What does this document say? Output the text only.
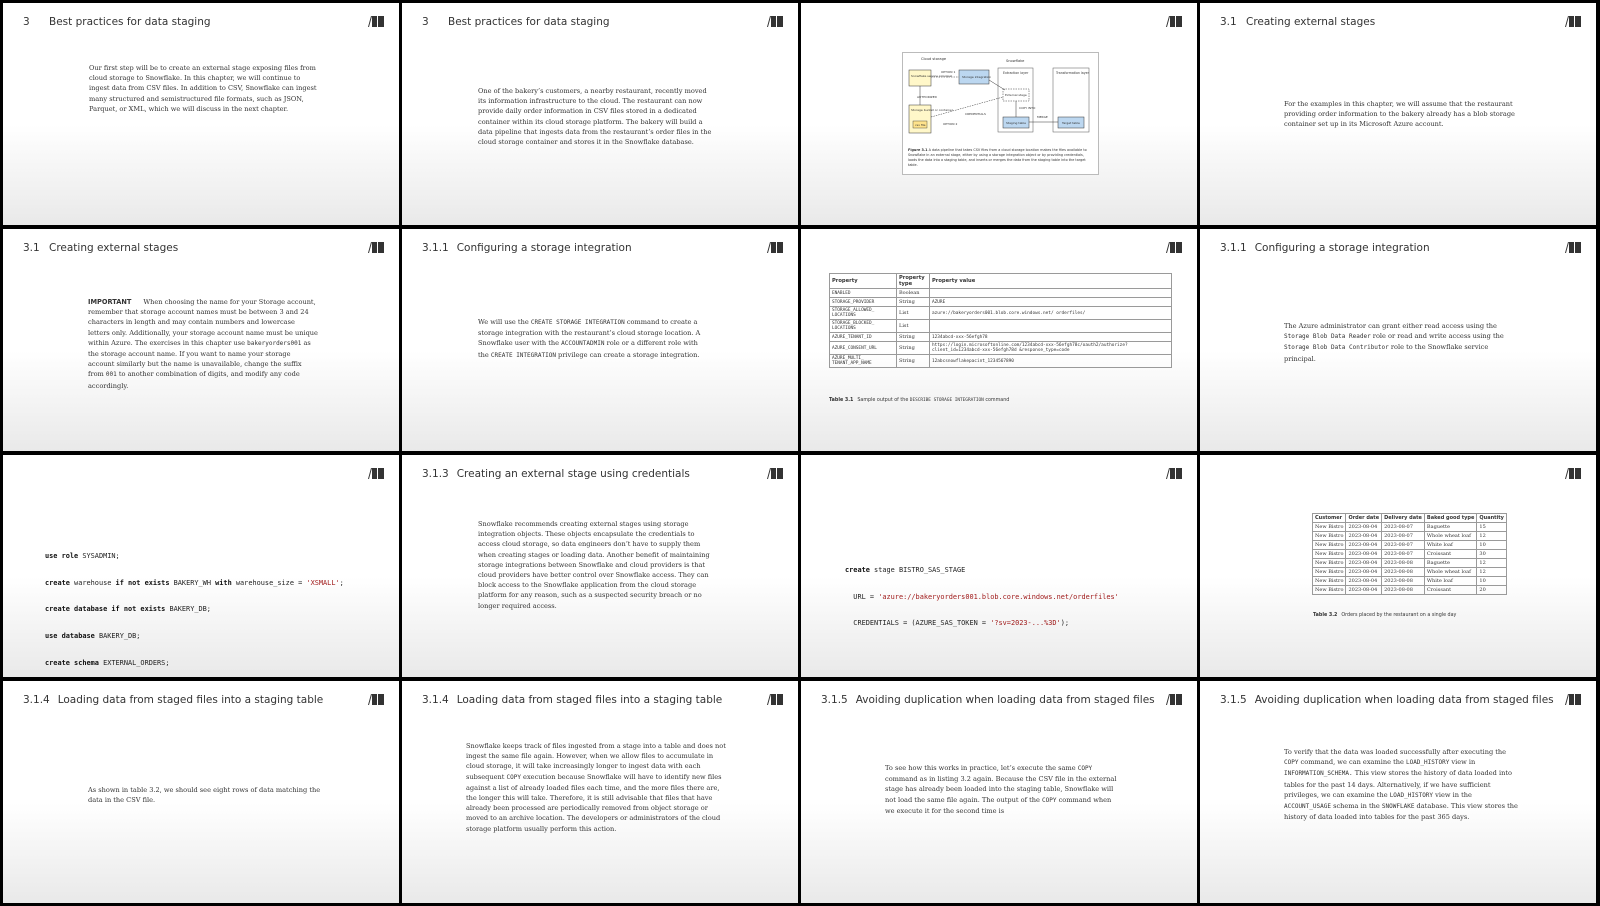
3 Best practices for data staging
Our first step will be to create an external stage exposing files from cloud storage to Snowflake. In this chapter, we will continue to ingest data from CSV files. In addition to CSV, Snowflake can ingest many structured and semistructured file formats, such as JSON, Parquet, or XML, which we will discuss in the next chapter.
3 Best practices for data staging
One of the bakery’s customers, a nearby restaurant, recently moved its information infrastructure to the cloud. The restaurant can now provide daily order information in CSV files stored in a dedicated container within its cloud storage platform. The bakery will build a data pipeline that ingests data from the restaurant’s order files in the cloud storage container and stores it in the Snowflake database.
Cloud storage	Snowflake
Extraction layer	Transformation layer
Snowflake service principal
OPTION 1
Storage integration
AUTHORIZED
Storage bucket or container
csv file
External stage
CREDENTIALS
OPTION 2
COPY INTO
Staging table
MERGE
Target table
Figure 3.1 A data pipeline that takes CSV files from a cloud storage location makes the files available to Snowflake in an external stage, either by using a storage integration object or by providing credentials, loads the data into a staging table, and inserts or merges the data from the staging table into the target table.
3.1 Creating external stages
For the examples in this chapter, we will assume that the restaurant providing order information to the bakery already has a blob storage container set up in its Microsoft Azure account.
3.1 Creating external stages
IMPORTANT When choosing the name for your Storage account, remember that storage account names must be between 3 and 24 characters in length and may contain numbers and lowercase letters only. Additionally, your storage account name must be unique within Azure. The exercises in this chapter use bakeryorders001 as the storage account name. If you want to name your storage account similarly but the name is unavailable, change the suffix from 001 to another combination of digits, and modify any code accordingly.
3.1.1 Configuring a storage integration
We will use the CREATE STORAGE INTEGRATION command to create a storage integration with the restaurant’s cloud storage location. A Snowflake user with the ACCOUNTADMIN role or a different role with the CREATE INTEGRATION privilege can create a storage integration.
Property	Property type	Property value
ENABLED	Boolean	
STORAGE_PROVIDER	String	AZURE
STORAGE_ALLOWED_ LOCATIONS	List	azure://bakeryorders001.blob.core.windows.net/ orderfiles/
STORAGE_BLOCKED_ LOCATIONS	List	
AZURE_TENANT_ID	String	1234abcd-xxx-56efgh78
AZURE_CONSENT_URL	String	https://login.microsoftonline.com/1234abcd-xxx-56efgh78c/oauth2/authorize? client_id=1234abcd-xxx-56efgh78d &response_type=code
AZURE_MULTI_ TENANT_APP_NAME	String	12abcsnowflakepacint_1234567890
Table 3.1 Sample output of the DESCRIBE STORAGE INTEGRATION command
3.1.1 Configuring a storage integration
The Azure administrator can grant either read access using the Storage Blob Data Reader role or read and write access using the Storage Blob Data Contributor role to the Snowflake service principal.

use role SYSADMIN;

create warehouse if not exists BAKERY_WH with warehouse_size = 'XSMALL';

create database if not exists BAKERY_DB;

use database BAKERY_DB;

create schema EXTERNAL_ORDERS;

3.1.3 Creating an external stage using credentials
Snowflake recommends creating external stages using storage integration objects. These objects encapsulate the credentials to access cloud storage, so data engineers don’t have to supply them when creating stages or loading data. Another benefit of maintaining storage integrations between Snowflake and cloud providers is that cloud providers have better control over Snowflake access. They can block access to the Snowflake application from the cloud storage platform for any reason, such as a suspected security breach or no longer required access.

create stage BISTRO_SAS_STAGE

URL = 'azure://bakeryorders001.blob.core.windows.net/orderfiles'

CREDENTIALS = (AZURE_SAS_TOKEN = '?sv=2023-...%3D');

Customer	Order date	Delivery date	Baked good type	Quantity
New Bistro	2023-08-04	2023-08-07	Baguette	15
New Bistro	2023-08-04	2023-08-07	Whole wheat loaf	12
New Bistro	2023-08-04	2023-08-07	White loaf	10
New Bistro	2023-08-04	2023-08-07	Croissant	30
New Bistro	2023-08-04	2023-08-08	Baguette	12
New Bistro	2023-08-04	2023-08-08	Whole wheat loaf	12
New Bistro	2023-08-04	2023-08-08	White loaf	10
New Bistro	2023-08-04	2023-08-08	Croissant	20
Table 3.2 Orders placed by the restaurant on a single day
3.1.4 Loading data from staged files into a staging table
As shown in table 3.2, we should see eight rows of data matching the data in the CSV file.
3.1.4 Loading data from staged files into a staging table
Snowflake keeps track of files ingested from a stage into a table and does not ingest the same file again. However, when we allow files to accumulate in cloud storage, it will take increasingly longer to ingest data with each subsequent COPY execution because Snowflake will have to identify new files against a list of already loaded files each time, and the more files there are, the longer this will take. Therefore, it is still advisable that files that have already been processed are periodically removed from object storage or moved to an archive location. The developers or administrators of the cloud storage platform usually perform this action.
3.1.5 Avoiding duplication when loading data from staged files
To see how this works in practice, let’s execute the same COPY command as in listing 3.2 again. Because the CSV file in the external stage has already been loaded into the staging table, Snowflake will not load the same file again. The output of the COPY command when we execute it for the second time is
3.1.5 Avoiding duplication when loading data from staged files
To verify that the data was loaded successfully after executing the COPY command, we can examine the LOAD_HISTORY view in INFORMATION_SCHEMA. This view stores the history of data loaded into tables for the past 14 days. Alternatively, if we have sufficient privileges, we can examine the LOAD_HISTORY view in the ACCOUNT_USAGE schema in the SNOWFLAKE database. This view stores the history of data loaded into tables for the past 365 days.
